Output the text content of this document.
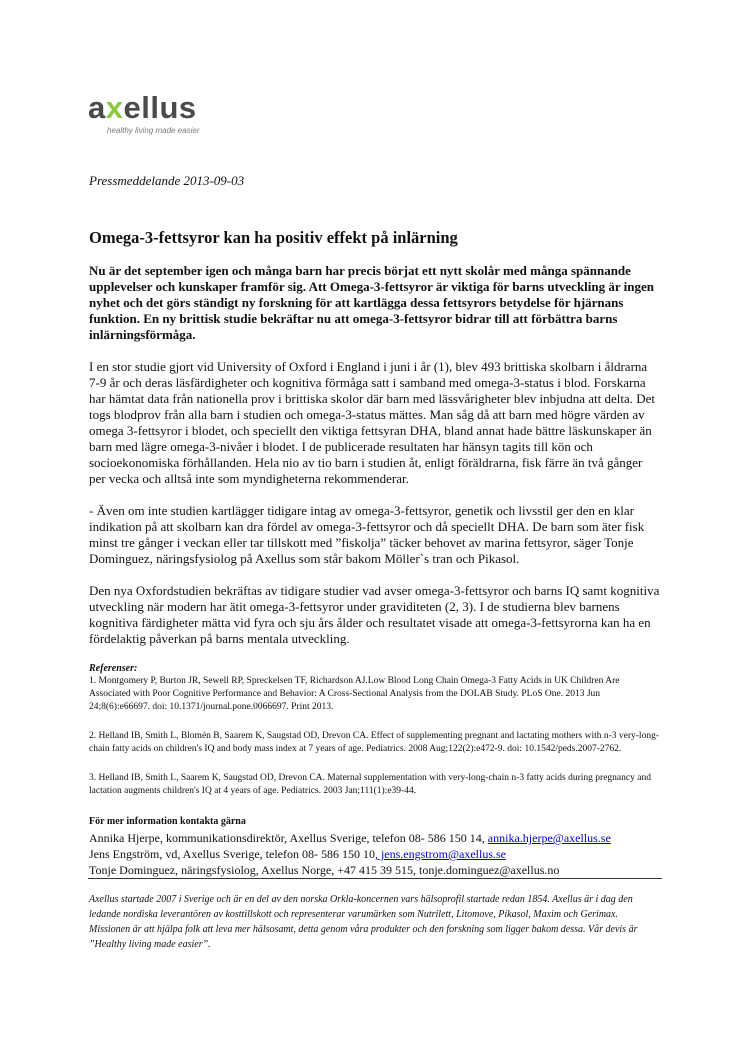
axellus
healthy living made easier
Pressmeddelande 2013-09-03
Omega-3-fettsyror kan ha positiv effekt på inlärning

Nu är det september igen och många barn har precis börjat ett nytt skolår med många spännande upplevelser och kunskaper framför sig. Att Omega-3-fettsyror är viktiga för barns utveckling är ingen nyhet och det görs ständigt ny forskning för att kartlägga dessa fettsyrors betydelse för hjärnans funktion. En ny brittisk studie bekräftar nu att omega-3-fettsyror bidrar till att förbättra barns inlärningsförmåga.

I en stor studie gjort vid University of Oxford i England i juni i år (1), blev 493 brittiska skolbarn i åldrarna 7-9 år och deras läsfärdigheter och kognitiva förmåga satt i samband med omega-3-status i blod. Forskarna har hämtat data från nationella prov i brittiska skolor där barn med lässvårigheter blev inbjudna att delta. Det togs blodprov från alla barn i studien och omega-3-status mättes. Man såg då att barn med högre värden av omega 3-fettsyror i blodet, och speciellt den viktiga fettsyran DHA, bland annat hade bättre läskunskaper än barn med lägre omega-3-nivåer i blodet. I de publicerade resultaten har hänsyn tagits till kön och socioekonomiska förhållanden. Hela nio av tio barn i studien åt, enligt föräldrarna, fisk färre än två gånger per vecka och alltså inte som myndigheterna rekommenderar.

- Även om inte studien kartlägger tidigare intag av omega-3-fettsyror, genetik och livsstil ger den en klar indikation på att skolbarn kan dra fördel av omega-3-fettsyror och då speciellt DHA. De barn som äter fisk minst tre gånger i veckan eller tar tillskott med ”fiskolja” täcker behovet av marina fettsyror, säger Tonje Dominguez, näringsfysiolog på Axellus som står bakom Möller`s tran och Pikasol.

Den nya Oxfordstudien bekräftas av tidigare studier vad avser omega-3-fettsyror och barns IQ samt kognitiva utveckling när modern har ätit omega-3-fettsyror under graviditeten (2, 3). I de studierna blev barnens kognitiva färdigheter mätta vid fyra och sju års ålder och resultatet visade att omega-3-fettsyrorna kan ha en fördelaktig påverkan på barns mentala utveckling.

Referenser:

1. Montgomery P, Burton JR, Sewell RP, Spreckelsen TF, Richardson AJ.Low Blood Long Chain Omega-3 Fatty Acids in UK Children Are Associated with Poor Cognitive Performance and Behavior: A Cross-Sectional Analysis from the DOLAB Study. PLoS One. 2013 Jun 24;8(6):e66697. doi: 10.1371/journal.pone.0066697. Print 2013.

2. Helland IB, Smith L, Blomén B, Saarem K, Saugstad OD, Drevon CA. Effect of supplementing pregnant and lactating mothers with n-3 very-long-chain fatty acids on children's IQ and body mass index at 7 years of age. Pediatrics. 2008 Aug;122(2):e472-9. doi: 10.1542/peds.2007-2762.

3. Helland IB, Smith L, Saarem K, Saugstad OD, Drevon CA. Maternal supplementation with very-long-chain n-3 fatty acids during pregnancy and lactation augments children's IQ at 4 years of age. Pediatrics. 2003 Jan;111(1):e39-44.

För mer information kontakta gärna
Annika Hjerpe, kommunikationsdirektör, Axellus Sverige, telefon 08- 586 150 14, annika.hjerpe@axellus.se
Jens Engström, vd, Axellus Sverige, telefon 08- 586 150 10, jens.engstrom@axellus.se
Tonje Dominguez, näringsfysiolog, Axellus Norge, +47 415 39 515, tonje.dominguez@axellus.no
Axellus startade 2007 i Sverige och är en del av den norska Orkla-koncernen vars hälsoprofil startade redan 1854. Axellus är i dag den ledande nordiska leverantören av kosttillskott och representerar varumärken som Nutrilett, Litomove, Pikasol, Maxim och Gerimax. Missionen är att hjälpa folk att leva mer hälsosamt, detta genom våra produkter och den forskning som ligger bakom dessa. Vår devis är ”Healthy living made easier”.
